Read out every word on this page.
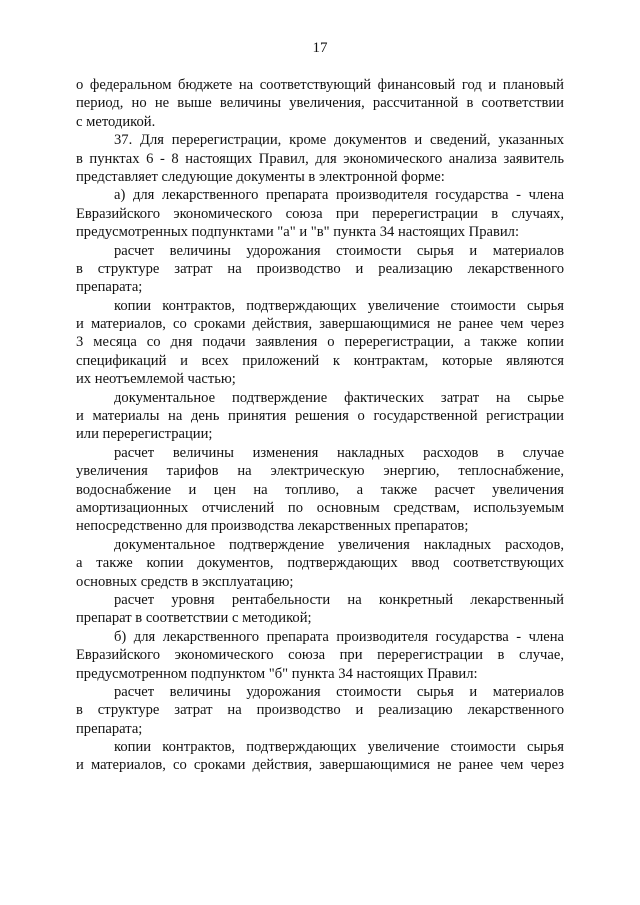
17
о федеральном бюджете на соответствующий финансовый год и плановый
период, но не выше величины увеличения, рассчитанной в соответствии
с методикой.
37. Для перерегистрации, кроме документов и сведений, указанных
в пунктах 6 - 8 настоящих Правил, для экономического анализа заявитель
представляет следующие документы в электронной форме:
а) для лекарственного препарата производителя государства - члена
Евразийского экономического союза при перерегистрации в случаях,
предусмотренных подпунктами "а" и "в" пункта 34 настоящих Правил:
расчет величины удорожания стоимости сырья и материалов
в структуре затрат на производство и реализацию лекарственного
препарата;
копии контрактов, подтверждающих увеличение стоимости сырья
и материалов, со сроками действия, завершающимися не ранее чем через
3 месяца со дня подачи заявления о перерегистрации, а также копии
спецификаций и всех приложений к контрактам, которые являются
их неотъемлемой частью;
документальное подтверждение фактических затрат на сырье
и материалы на день принятия решения о государственной регистрации
или перерегистрации;
расчет величины изменения накладных расходов в случае
увеличения тарифов на электрическую энергию, теплоснабжение,
водоснабжение и цен на топливо, а также расчет увеличения
амортизационных отчислений по основным средствам, используемым
непосредственно для производства лекарственных препаратов;
документальное подтверждение увеличения накладных расходов,
а также копии документов, подтверждающих ввод соответствующих
основных средств в эксплуатацию;
расчет уровня рентабельности на конкретный лекарственный
препарат в соответствии с методикой;
б) для лекарственного препарата производителя государства - члена
Евразийского экономического союза при перерегистрации в случае,
предусмотренном подпунктом "б" пункта 34 настоящих Правил:
расчет величины удорожания стоимости сырья и материалов
в структуре затрат на производство и реализацию лекарственного
препарата;
копии контрактов, подтверждающих увеличение стоимости сырья
и материалов, со сроками действия, завершающимися не ранее чем через
